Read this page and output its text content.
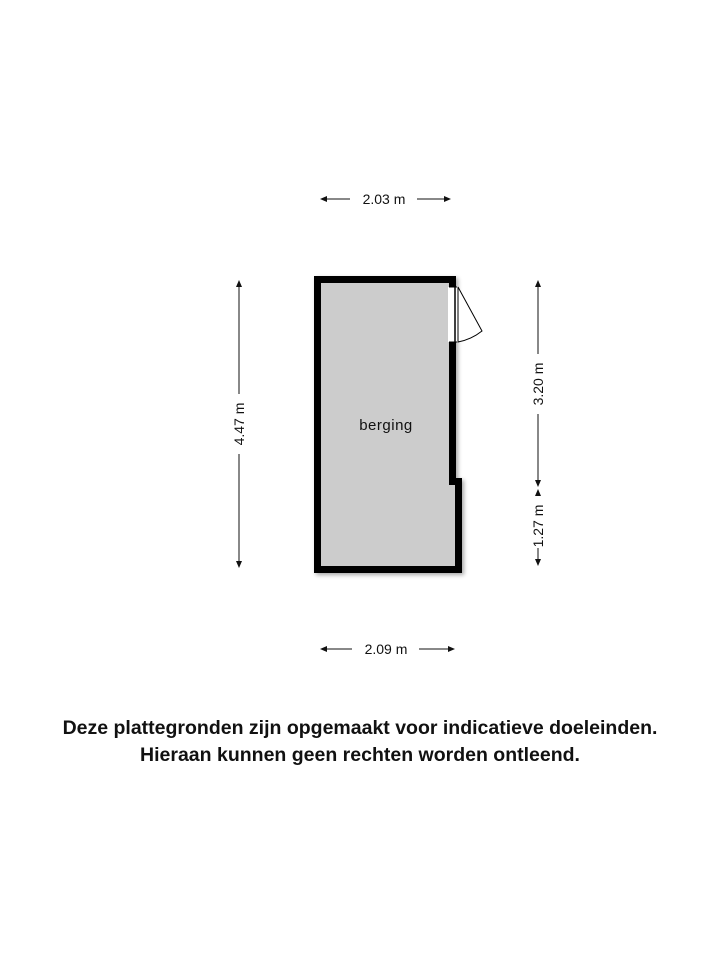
2.03 m
2.09 m
4.47 m
3.20 m
1.27 m
berging
Deze plattegronden zijn opgemaakt voor indicatieve doeleinden.
Hieraan kunnen geen rechten worden ontleend.
